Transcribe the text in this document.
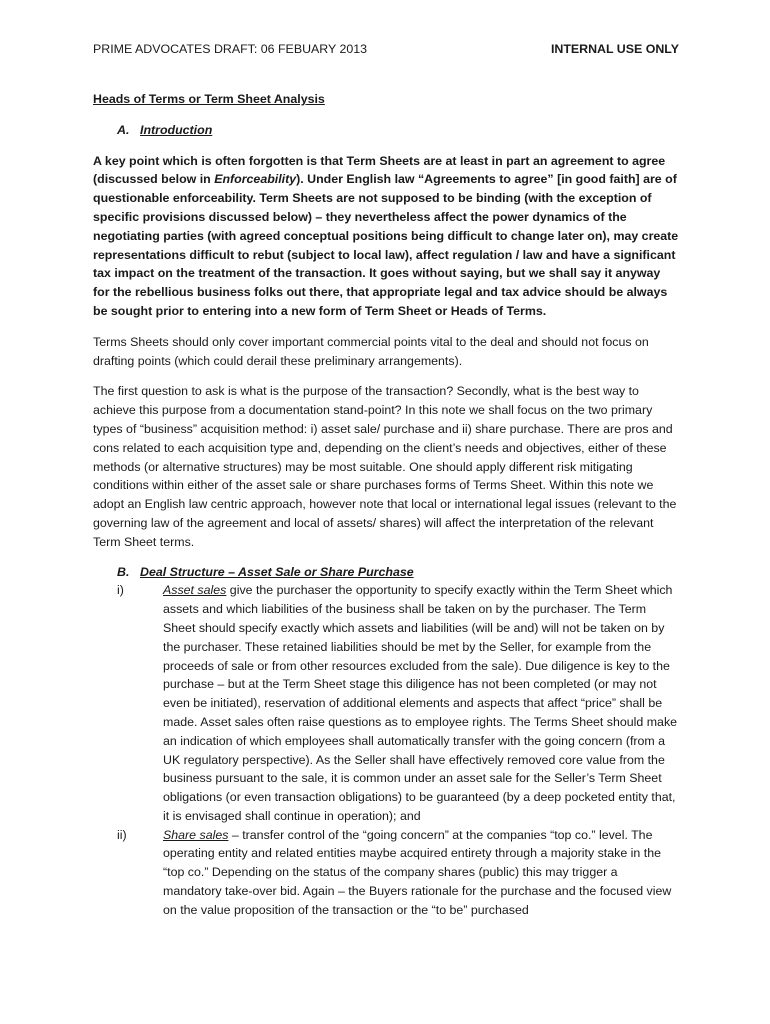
PRIME ADVOCATES DRAFT: 06 FEBUARY 2013	INTERNAL USE ONLY
Heads of Terms or Term Sheet Analysis
A. Introduction

A key point which is often forgotten is that Term Sheets are at least in part an agreement to agree (discussed below in Enforceability). Under English law “Agreements to agree” [in good faith] are of questionable enforceability. Term Sheets are not supposed to be binding (with the exception of specific provisions discussed below) – they nevertheless affect the power dynamics of the negotiating parties (with agreed conceptual positions being difficult to change later on), may create representations difficult to rebut (subject to local law), affect regulation / law and have a significant tax impact on the treatment of the transaction. It goes without saying, but we shall say it anyway for the rebellious business folks out there, that appropriate legal and tax advice should be always be sought prior to entering into a new form of Term Sheet or Heads of Terms.

Terms Sheets should only cover important commercial points vital to the deal and should not focus on drafting points (which could derail these preliminary arrangements).

The first question to ask is what is the purpose of the transaction? Secondly, what is the best way to achieve this purpose from a documentation stand-point? In this note we shall focus on the two primary types of “business” acquisition method: i) asset sale/ purchase and ii) share purchase. There are pros and cons related to each acquisition type and, depending on the client’s needs and objectives, either of these methods (or alternative structures) may be most suitable. One should apply different risk mitigating conditions within either of the asset sale or share purchases forms of Terms Sheet. Within this note we adopt an English law centric approach, however note that local or international legal issues (relevant to the governing law of the agreement and local of assets/ shares) will affect the interpretation of the relevant Term Sheet terms.

B. Deal Structure – Asset Sale or Share Purchase
i)	Asset sales give the purchaser the opportunity to specify exactly within the Term Sheet which assets and which liabilities of the business shall be taken on by the purchaser. The Term Sheet should specify exactly which assets and liabilities (will be and) will not be taken on by the purchaser. These retained liabilities should be met by the Seller, for example from the proceeds of sale or from other resources excluded from the sale). Due diligence is key to the purchase – but at the Term Sheet stage this diligence has not been completed (or may not even be initiated), reservation of additional elements and aspects that affect “price” shall be made. Asset sales often raise questions as to employee rights. The Terms Sheet should make an indication of which employees shall automatically transfer with the going concern (from a UK regulatory perspective). As the Seller shall have effectively removed core value from the business pursuant to the sale, it is common under an asset sale for the Seller’s Term Sheet obligations (or even transaction obligations) to be guaranteed (by a deep pocketed entity that, it is envisaged shall continue in operation); and
ii)	Share sales – transfer control of the “going concern” at the companies “top co.” level. The operating entity and related entities maybe acquired entirety through a majority stake in the “top co.” Depending on the status of the company shares (public) this may trigger a mandatory take-over bid. Again – the Buyers rationale for the purchase and the focused view on the value proposition of the transaction or the “to be” purchased
